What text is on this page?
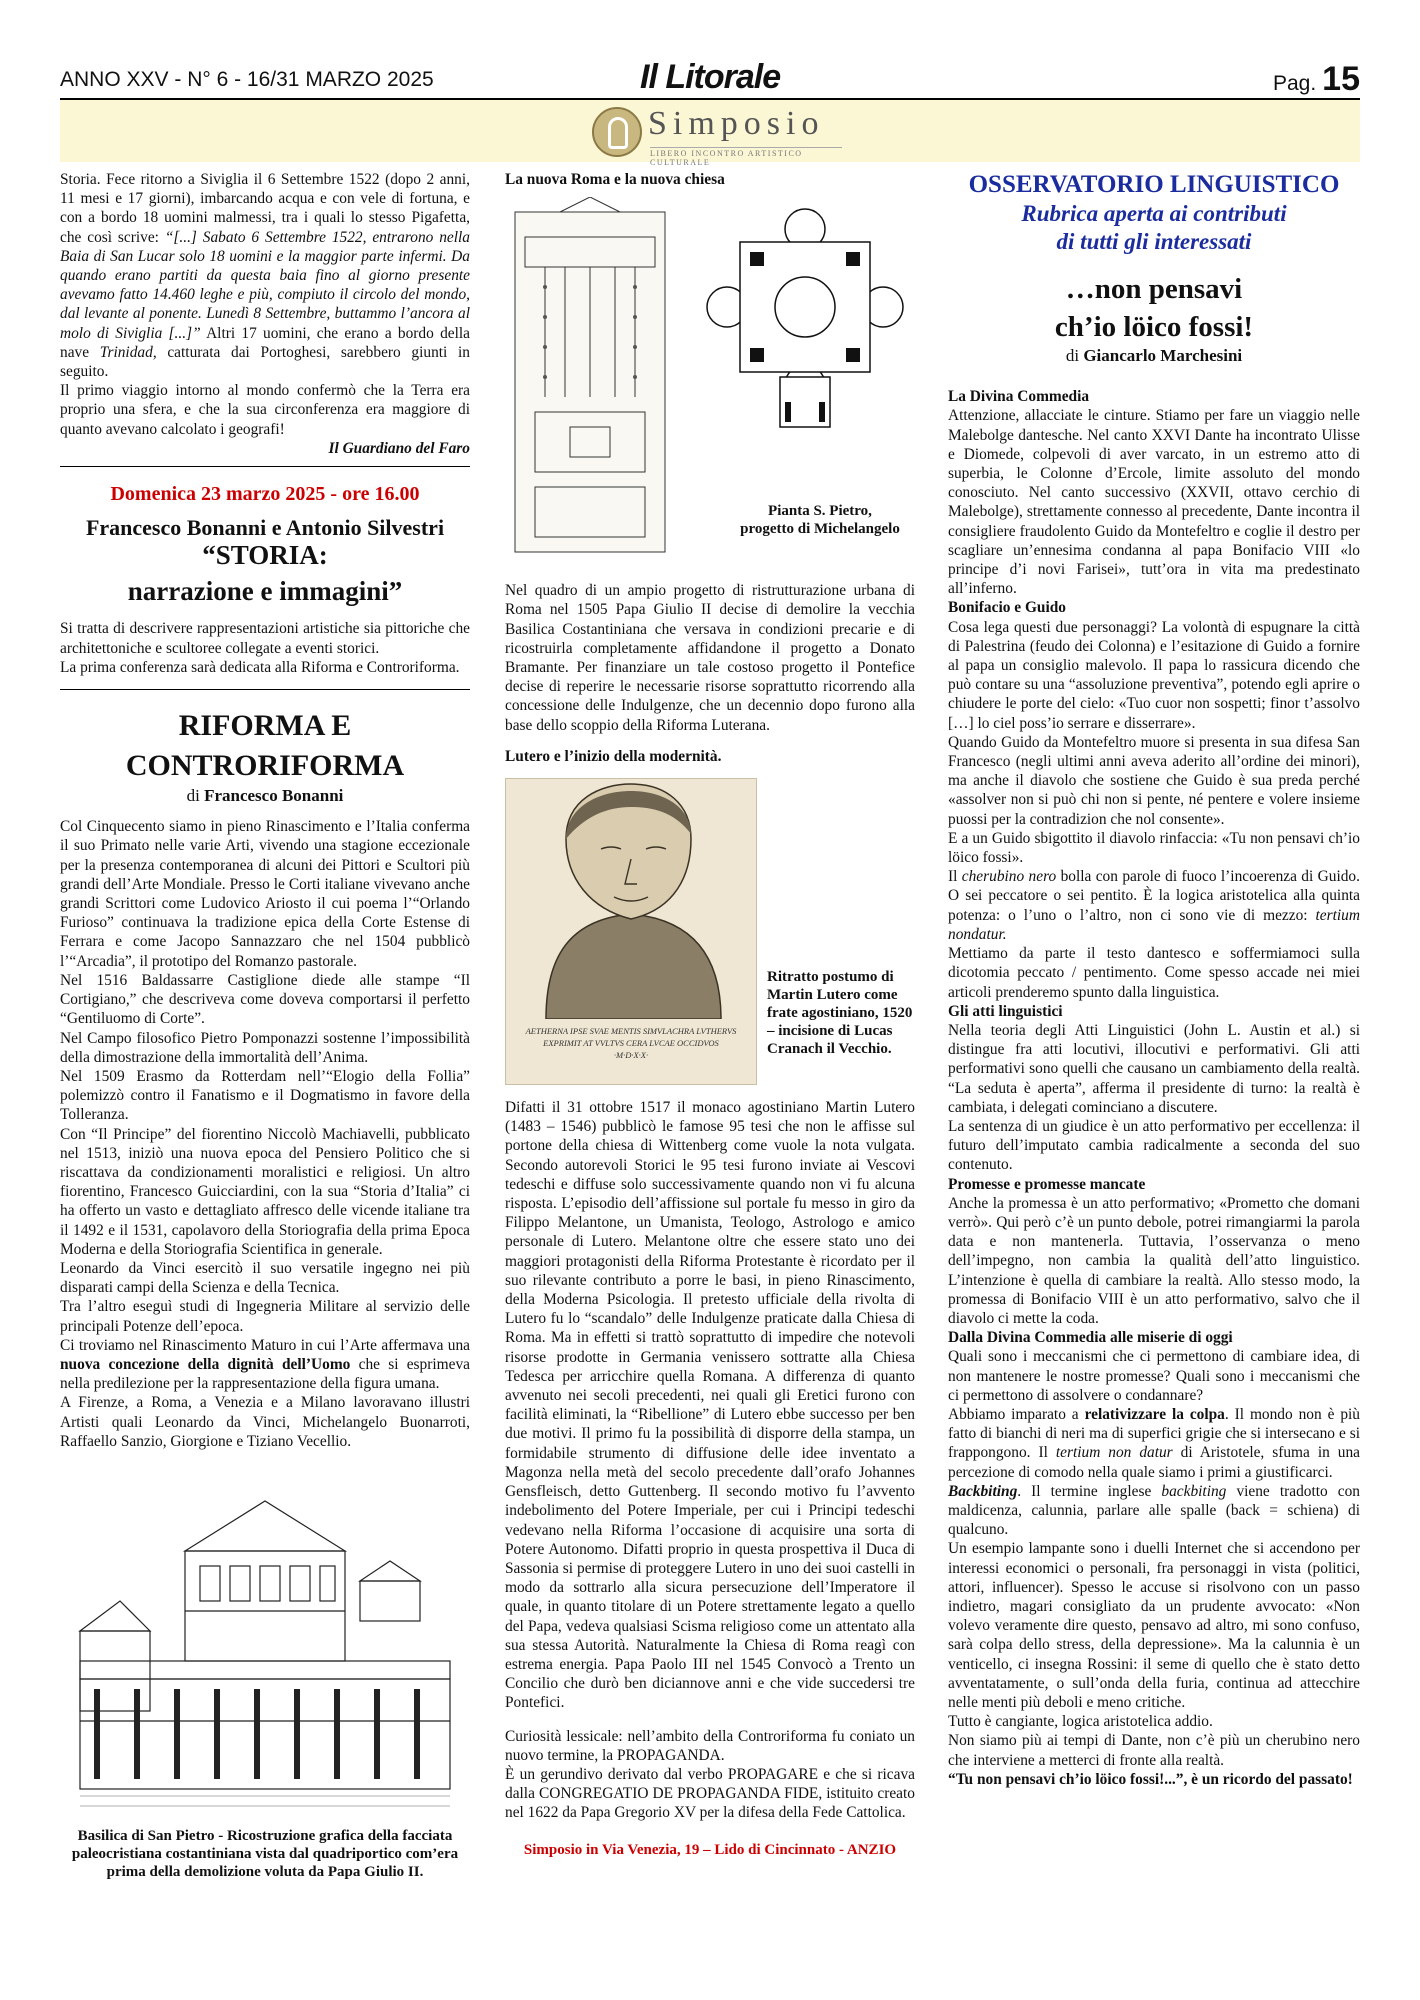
ANNO XXV - N° 6 - 16/31 MARZO 2025	Il Litorale	Pag. 15
Simposio
LIBERO INCONTRO ARTISTICO CULTURALE

Storia. Fece ritorno a Siviglia il 6 Settembre 1522 (dopo 2 anni, 11 mesi e 17 giorni), imbarcando acqua e con vele di fortuna, e con a bordo 18 uomini malmessi, tra i quali lo stesso Pigafetta, che così scrive: “[...] Sabato 6 Settembre 1522, entrarono nella Baia di San Lucar solo 18 uomini e la maggior parte infermi. Da quando erano partiti da questa baia fino al giorno presente avevamo fatto 14.460 leghe e più, compiuto il circolo del mondo, dal levante al ponente. Lunedì 8 Settembre, buttammo l’ancora al molo di Siviglia [...]” Altri 17 uomini, che erano a bordo della nave Trinidad, catturata dai Portoghesi, sarebbero giunti in seguito.

Il primo viaggio intorno al mondo confermò che la Terra era proprio una sfera, e che la sua circonferenza era maggiore di quanto avevano calcolato i geografi!

Il Guardiano del Faro

Domenica 23 marzo 2025 - ore 16.00

Francesco Bonanni e Antonio Silvestri

“STORIA:

narrazione e immagini”

Si tratta di descrivere rappresentazioni artistiche sia pittoriche che architettoniche e scultoree collegate a eventi storici.

La prima conferenza sarà dedicata alla Riforma e Controriforma.

RIFORMA E

CONTRORIFORMA

di Francesco Bonanni

Col Cinquecento siamo in pieno Rinascimento e l’Italia conferma il suo Primato nelle varie Arti, vivendo una stagione eccezionale per la presenza contemporanea di alcuni dei Pittori e Scultori più grandi dell’Arte Mondiale. Presso le Corti italiane vivevano anche grandi Scrittori come Ludovico Ariosto il cui poema l’“Orlando Furioso” continuava la tradizione epica della Corte Estense di Ferrara e come Jacopo Sannazzaro che nel 1504 pubblicò l’“Arcadia”, il prototipo del Romanzo pastorale.

Nel 1516 Baldassarre Castiglione diede alle stampe “Il Cortigiano,” che descriveva come doveva comportarsi il perfetto “Gentiluomo di Corte”.

Nel Campo filosofico Pietro Pomponazzi sostenne l’impossibilità della dimostrazione della immortalità dell’Anima.

Nel 1509 Erasmo da Rotterdam nell’“Elogio della Follia” polemizzò contro il Fanatismo e il Dogmatismo in favore della Tolleranza.

Con “Il Principe” del fiorentino Niccolò Machiavelli, pubblicato nel 1513, iniziò una nuova epoca del Pensiero Politico che si riscattava da condizionamenti moralistici e religiosi. Un altro fiorentino, Francesco Guicciardini, con la sua “Storia d’Italia” ci ha offerto un vasto e dettagliato affresco delle vicende italiane tra il 1492 e il 1531, capolavoro della Storiografia della prima Epoca Moderna e della Storiografia Scientifica in generale.

Leonardo da Vinci esercitò il suo versatile ingegno nei più disparati campi della Scienza e della Tecnica.

Tra l’altro eseguì studi di Ingegneria Militare al servizio delle principali Potenze dell’epoca.

Ci troviamo nel Rinascimento Maturo in cui l’Arte affermava una nuova concezione della dignità dell’Uomo che si esprimeva nella predilezione per la rappresentazione della figura umana.

A Firenze, a Roma, a Venezia e a Milano lavoravano illustri Artisti quali Leonardo da Vinci, Michelangelo Buonarroti, Raffaello Sanzio, Giorgione e Tiziano Vecellio.

Basilica di San Pietro - Ricostruzione grafica della facciata paleocristiana costantiniana vista dal quadriportico com’era prima della demolizione voluta da Papa Giulio II.

La nuova Roma e la nuova chiesa

Pianta S. Pietro,
progetto di Michelangelo

Nel quadro di un ampio progetto di ristrutturazione urbana di Roma nel 1505 Papa Giulio II decise di demolire la vecchia Basilica Costantiniana che versava in condizioni precarie e di ricostruirla completamente affidandone il progetto a Donato Bramante. Per finanziare un tale costoso progetto il Pontefice decise di reperire le necessarie risorse soprattutto ricorrendo alla concessione delle Indulgenze, che un decennio dopo furono alla base dello scoppio della Riforma Luterana.

Lutero e l’inizio della modernità.

AETHERNA IPSE SVAE MENTIS SIMVLACHRA LVTHERVS
EXPRIMIT AT VVLTVS CERA LVCAE OCCIDVOS
·M·D·X·X·

Ritratto postumo di Martin Lutero come frate agostiniano, 1520 – incisione di Lucas Cranach il Vecchio.

Difatti il 31 ottobre 1517 il monaco agostiniano Martin Lutero (1483 – 1546) pubblicò le famose 95 tesi che non le affisse sul portone della chiesa di Wittenberg come vuole la nota vulgata. Secondo autorevoli Storici le 95 tesi furono inviate ai Vescovi tedeschi e diffuse solo successivamente quando non vi fu alcuna risposta. L’episodio dell’affissione sul portale fu messo in giro da Filippo Melantone, un Umanista, Teologo, Astrologo e amico personale di Lutero. Melantone oltre che essere stato uno dei maggiori protagonisti della Riforma Protestante è ricordato per il suo rilevante contributo a porre le basi, in pieno Rinascimento, della Moderna Psicologia. Il pretesto ufficiale della rivolta di Lutero fu lo “scandalo” delle Indulgenze praticate dalla Chiesa di Roma. Ma in effetti si trattò soprattutto di impedire che notevoli risorse prodotte in Germania venissero sottratte alla Chiesa Tedesca per arricchire quella Romana. A differenza di quanto avvenuto nei secoli precedenti, nei quali gli Eretici furono con facilità eliminati, la “Ribellione” di Lutero ebbe successo per ben due motivi. Il primo fu la possibilità di disporre della stampa, un formidabile strumento di diffusione delle idee inventato a Magonza nella metà del secolo precedente dall’orafo Johannes Gensfleisch, detto Guttenberg. Il secondo motivo fu l’avvento indebolimento del Potere Imperiale, per cui i Principi tedeschi vedevano nella Riforma l’occasione di acquisire una sorta di Potere Autonomo. Difatti proprio in questa prospettiva il Duca di Sassonia si permise di proteggere Lutero in uno dei suoi castelli in modo da sottrarlo alla sicura persecuzione dell’Imperatore il quale, in quanto titolare di un Potere strettamente legato a quello del Papa, vedeva qualsiasi Scisma religioso come un attentato alla sua stessa Autorità. Naturalmente la Chiesa di Roma reagì con estrema energia. Papa Paolo III nel 1545 Convocò a Trento un Concilio che durò ben diciannove anni e che vide succedersi tre Pontefici.

Curiosità lessicale: nell’ambito della Controriforma fu coniato un nuovo termine, la PROPAGANDA.

È un gerundivo derivato dal verbo PROPAGARE e che si ricava dalla CONGREGATIO DE PROPAGANDA FIDE, istituito creato nel 1622 da Papa Gregorio XV per la difesa della Fede Cattolica.

Simposio in Via Venezia, 19 – Lido di Cincinnato - ANZIO

OSSERVATORIO LINGUISTICO

Rubrica aperta ai contributi

di tutti gli interessati

…non pensavi

ch’io löico fossi!

di Giancarlo Marchesini

La Divina Commedia

Attenzione, allacciate le cinture. Stiamo per fare un viaggio nelle Malebolge dantesche. Nel canto XXVI Dante ha incontrato Ulisse e Diomede, colpevoli di aver varcato, in un estremo atto di superbia, le Colonne d’Ercole, limite assoluto del mondo conosciuto. Nel canto successivo (XXVII, ottavo cerchio di Malebolge), strettamente connesso al precedente, Dante incontra il consigliere fraudolento Guido da Montefeltro e coglie il destro per scagliare un’ennesima condanna al papa Bonifacio VIII «lo principe d’i novi Farisei», tutt’ora in vita ma predestinato all’inferno.

Bonifacio e Guido

Cosa lega questi due personaggi? La volontà di espugnare la città di Palestrina (feudo dei Colonna) e l’esitazione di Guido a fornire al papa un consiglio malevolo. Il papa lo rassicura dicendo che può contare su una “assoluzione preventiva”, potendo egli aprire o chiudere le porte del cielo: «Tuo cuor non sospetti; finor t’assolvo […] lo ciel poss’io serrare e disserrare».

Quando Guido da Montefeltro muore si presenta in sua difesa San Francesco (negli ultimi anni aveva aderito all’ordine dei minori), ma anche il diavolo che sostiene che Guido è sua preda perché «assolver non si può chi non si pente, né pentere e volere insieme puossi per la contradizion che nol consente».

E a un Guido sbigottito il diavolo rinfaccia: «Tu non pensavi ch’io löico fossi».

Il cherubino nero bolla con parole di fuoco l’incoerenza di Guido. O sei peccatore o sei pentito. È la logica aristotelica alla quinta potenza: o l’uno o l’altro, non ci sono vie di mezzo: tertium nondatur.

Mettiamo da parte il testo dantesco e soffermiamoci sulla dicotomia peccato / pentimento. Come spesso accade nei miei articoli prenderemo spunto dalla linguistica.

Gli atti linguistici

Nella teoria degli Atti Linguistici (John L. Austin et al.) si distingue fra atti locutivi, illocutivi e performativi. Gli atti performativi sono quelli che causano un cambiamento della realtà. “La seduta è aperta”, afferma il presidente di turno: la realtà è cambiata, i delegati cominciano a discutere.

La sentenza di un giudice è un atto performativo per eccellenza: il futuro dell’imputato cambia radicalmente a seconda del suo contenuto.

Promesse e promesse mancate

Anche la promessa è un atto performativo; «Prometto che domani verrò». Qui però c’è un punto debole, potrei rimangiarmi la parola data e non mantenerla. Tuttavia, l’osservanza o meno dell’impegno, non cambia la qualità dell’atto linguistico. L’intenzione è quella di cambiare la realtà. Allo stesso modo, la promessa di Bonifacio VIII è un atto performativo, salvo che il diavolo ci mette la coda.

Dalla Divina Commedia alle miserie di oggi

Quali sono i meccanismi che ci permettono di cambiare idea, di non mantenere le nostre promesse? Quali sono i meccanismi che ci permettono di assolvere o condannare?

Abbiamo imparato a relativizzare la colpa. Il mondo non è più fatto di bianchi di neri ma di superfici grigie che si intersecano e si frappongono. Il tertium non datur di Aristotele, sfuma in una percezione di comodo nella quale siamo i primi a giustificarci.

Backbiting. Il termine inglese backbiting viene tradotto con maldicenza, calunnia, parlare alle spalle (back = schiena) di qualcuno.

Un esempio lampante sono i duelli Internet che si accendono per interessi economici o personali, fra personaggi in vista (politici, attori, influencer). Spesso le accuse si risolvono con un passo indietro, magari consigliato da un prudente avvocato: «Non volevo veramente dire questo, pensavo ad altro, mi sono confuso, sarà colpa dello stress, della depressione». Ma la calunnia è un venticello, ci insegna Rossini: il seme di quello che è stato detto avventatamente, o sull’onda della furia, continua ad attecchire nelle menti più deboli e meno critiche.

Tutto è cangiante, logica aristotelica addio.

Non siamo più ai tempi di Dante, non c’è più un cherubino nero che interviene a metterci di fronte alla realtà.

“Tu non pensavi ch’io löico fossi!...”, è un ricordo del passato!
